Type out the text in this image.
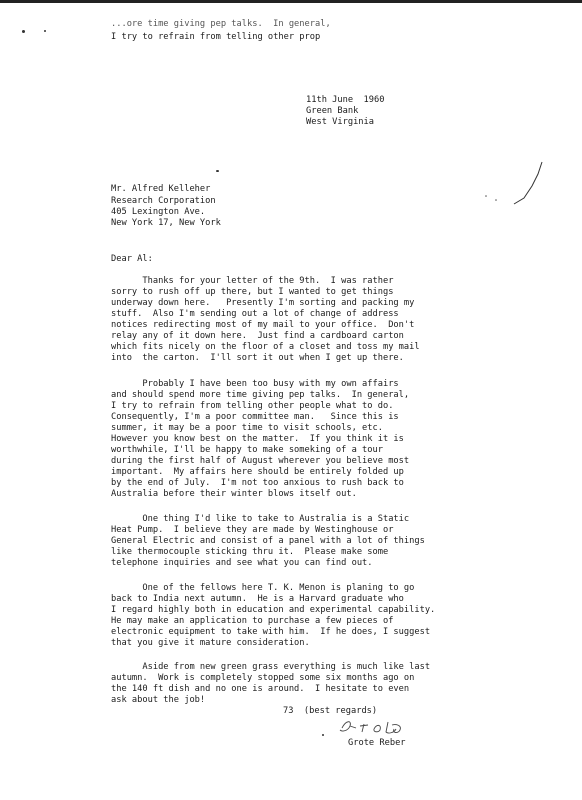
...ore time giving pep talks.  In general,
I try to refrain from telling other prop
11th June  1960
Green Bank
West Virginia
Mr. Alfred Kelleher
Research Corporation
405 Lexington Ave.
New York 17, New York
Dear Al:
Thanks for your letter of the 9th.  I was rather
sorry to rush off up there, but I wanted to get things
underway down here.   Presently I'm sorting and packing my
stuff.  Also I'm sending out a lot of change of address
notices redirecting most of my mail to your office.  Don't
relay any of it down here.  Just find a cardboard carton
which fits nicely on the floor of a closet and toss my mail
into  the carton.  I'll sort it out when I get up there.
Probably I have been too busy with my own affairs
and should spend more time giving pep talks.  In general,
I try to refrain from telling other people what to do.
Consequently, I'm a poor committee man.   Since this is
summer, it may be a poor time to visit schools, etc.
However you know best on the matter.  If you think it is
worthwhile, I'll be happy to make someking of a tour
during the first half of August wherever you believe most
important.  My affairs here should be entirely folded up
by the end of July.  I'm not too anxious to rush back to
Australia before their winter blows itself out.
One thing I'd like to take to Australia is a Static
Heat Pump.  I believe they are made by Westinghouse or
General Electric and consist of a panel with a lot of things
like thermocouple sticking thru it.  Please make some
telephone inquiries and see what you can find out.
One of the fellows here T. K. Menon is planing to go
back to India next autumn.  He is a Harvard graduate who
I regard highly both in education and experimental capability.
He may make an application to purchase a few pieces of
electronic equipment to take with him.  If he does, I suggest
that you give it mature consideration.
Aside from new green grass everything is much like last
autumn.  Work is completely stopped some six months ago on
the 140 ft dish and no one is around.  I hesitate to even
ask about the job!
73  (best regards)
Grote Reber
